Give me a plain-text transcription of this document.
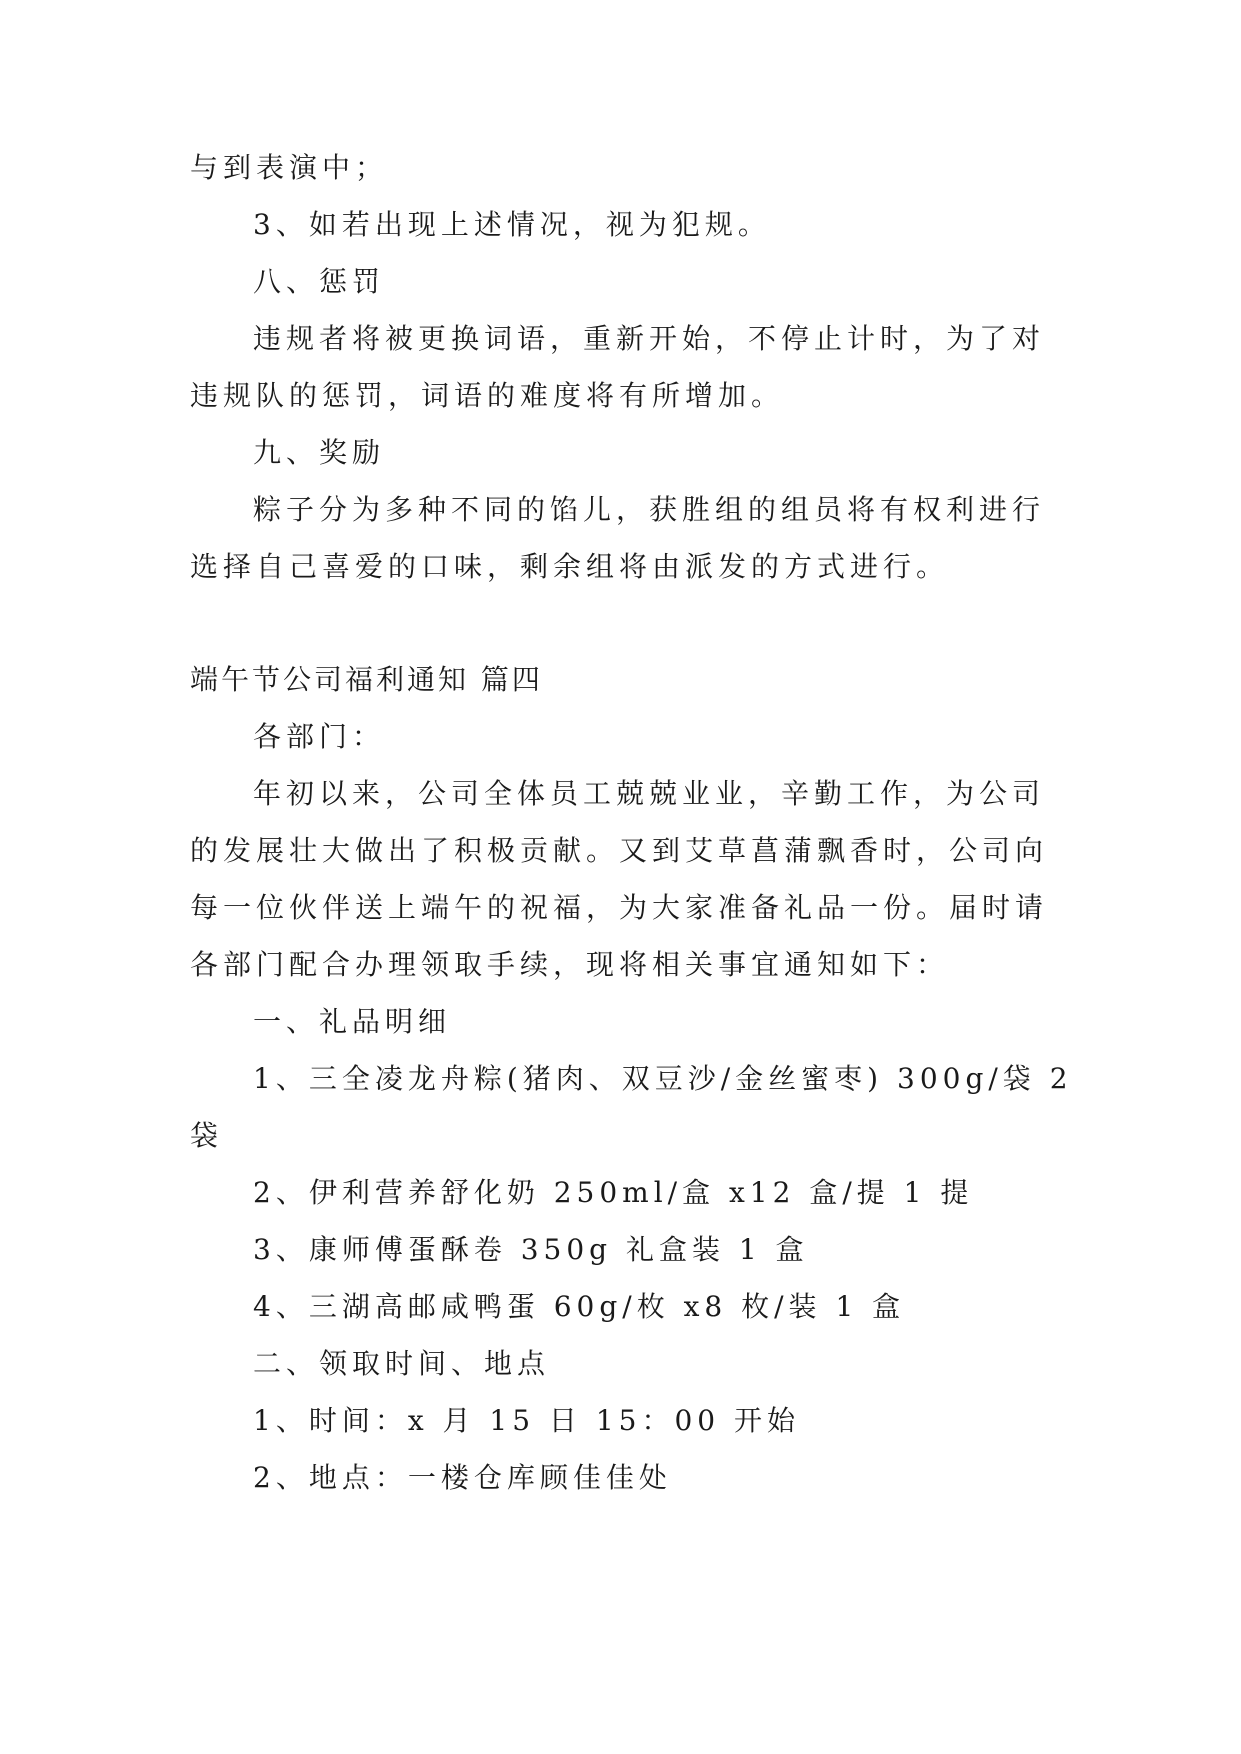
与到表演中；
3、如若出现上述情况，视为犯规。
八、惩罚
违规者将被更换词语，重新开始，不停止计时，为了对
违规队的惩罚，词语的难度将有所增加。
九、奖励
粽子分为多种不同的馅儿，获胜组的组员将有权利进行
选择自己喜爱的口味，剩余组将由派发的方式进行。
端午节公司福利通知 篇四
各部门：
年初以来，公司全体员工兢兢业业，辛勤工作，为公司
的发展壮大做出了积极贡献。又到艾草菖蒲飘香时，公司向
每一位伙伴送上端午的祝福，为大家准备礼品一份。届时请
各部门配合办理领取手续，现将相关事宜通知如下：
一、礼品明细
1、三全凌龙舟粽(猪肉、双豆沙/金丝蜜枣) 300g/袋 2
袋
2、伊利营养舒化奶 250ml/盒 x12 盒/提 1 提
3、康师傅蛋酥卷 350g 礼盒装 1 盒
4、三湖高邮咸鸭蛋 60g/枚 x8 枚/装 1 盒
二、领取时间、地点
1、时间：x 月 15 日 15：00 开始
2、地点：一楼仓库顾佳佳处
